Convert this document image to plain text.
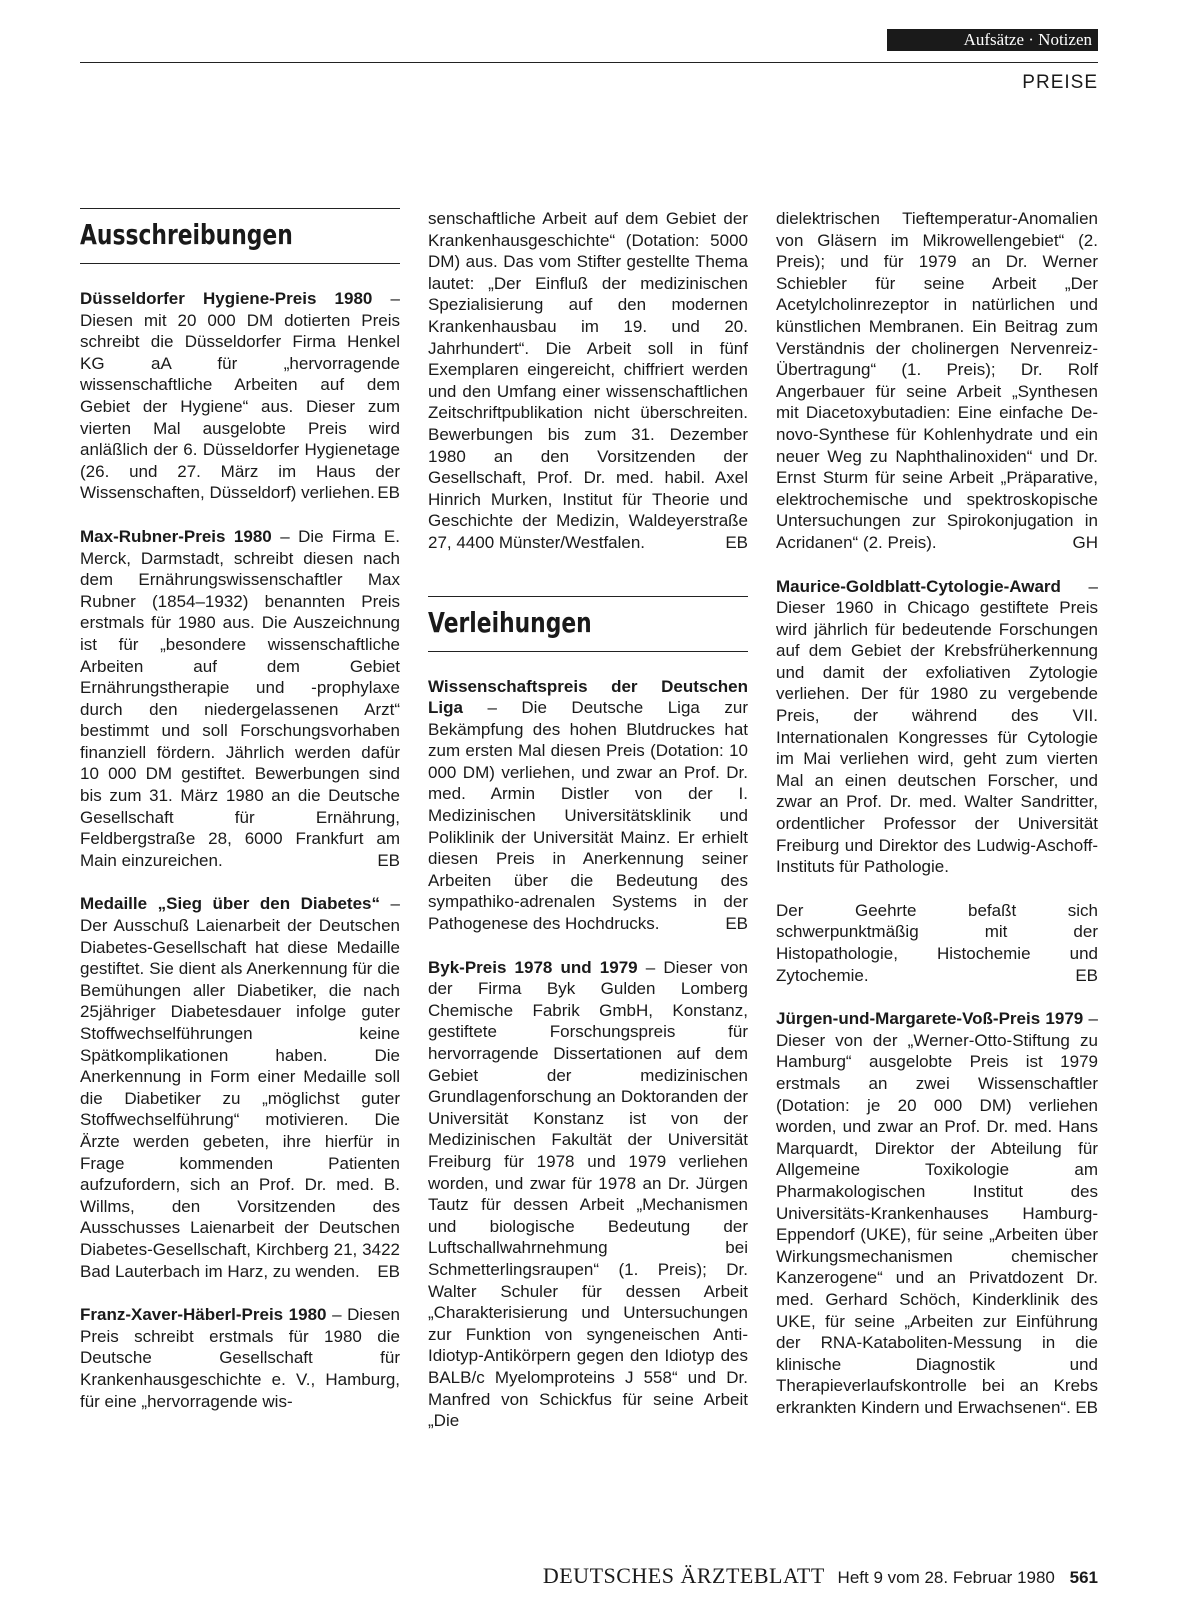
Aufsätze · Notizen
PREISE
Ausschreibungen

Düsseldorfer Hygiene-Preis 1980 – Diesen mit 20 000 DM dotierten Preis schreibt die Düsseldorfer Firma Henkel KG aA für „hervorragende wissenschaftliche Arbeiten auf dem Gebiet der Hygiene“ aus. Dieser zum vierten Mal ausgelobte Preis wird anläßlich der 6. Düsseldorfer Hygienetage (26. und 27. März im Haus der Wissenschaften, Düsseldorf) verliehen. EB

Max-Rubner-Preis 1980 – Die Firma E. Merck, Darmstadt, schreibt diesen nach dem Ernährungswissenschaftler Max Rubner (1854–1932) benannten Preis erstmals für 1980 aus. Die Auszeichnung ist für „besondere wissenschaftliche Arbeiten auf dem Gebiet Ernährungstherapie und -prophylaxe durch den niedergelassenen Arzt“ bestimmt und soll Forschungsvorhaben finanziell fördern. Jährlich werden dafür 10 000 DM gestiftet. Bewerbungen sind bis zum 31. März 1980 an die Deutsche Gesellschaft für Ernährung, Feldbergstraße 28, 6000 Frankfurt am Main einzureichen.	EB

Medaille „Sieg über den Diabetes“ – Der Ausschuß Laienarbeit der Deutschen Diabetes-Gesellschaft hat diese Medaille gestiftet. Sie dient als Anerkennung für die Bemühungen aller Diabetiker, die nach 25jähriger Diabetesdauer infolge guter Stoffwechselführungen keine Spätkomplikationen haben. Die Anerkennung in Form einer Medaille soll die Diabetiker zu „möglichst guter Stoffwechselführung“ motivieren. Die Ärzte werden gebeten, ihre hierfür in Frage kommenden Patienten aufzufordern, sich an Prof. Dr. med. B. Willms, den Vorsitzenden des Ausschusses Laienarbeit der Deutschen Diabetes-Gesellschaft, Kirchberg 21, 3422 Bad Lauterbach im Harz, zu wenden. EB

Franz-Xaver-Häberl-Preis 1980 – Diesen Preis schreibt erstmals für 1980 die Deutsche Gesellschaft für Krankenhausgeschichte e. V., Hamburg, für eine „hervorragende wis-

senschaftliche Arbeit auf dem Gebiet der Krankenhausgeschichte“ (Dotation: 5000 DM) aus. Das vom Stifter gestellte Thema lautet: „Der Einfluß der medizinischen Spezialisierung auf den modernen Krankenhausbau im 19. und 20. Jahrhundert“. Die Arbeit soll in fünf Exemplaren eingereicht, chiffriert werden und den Umfang einer wissenschaftlichen Zeitschriftpublikation nicht überschreiten. Bewerbungen bis zum 31. Dezember 1980 an den Vorsitzenden der Gesellschaft, Prof. Dr. med. habil. Axel Hinrich Murken, Institut für Theorie und Geschichte der Medizin, Waldeyerstraße 27, 4400 Münster/Westfalen.	EB

Verleihungen

Wissenschaftspreis der Deutschen Liga – Die Deutsche Liga zur Bekämpfung des hohen Blutdruckes hat zum ersten Mal diesen Preis (Dotation: 10 000 DM) verliehen, und zwar an Prof. Dr. med. Armin Distler von der I. Medizinischen Universitätsklinik und Poliklinik der Universität Mainz. Er erhielt diesen Preis in Anerkennung seiner Arbeiten über die Bedeutung des sympathiko-adrenalen Systems in der Pathogenese des Hochdrucks.	EB

Byk-Preis 1978 und 1979 – Dieser von der Firma Byk Gulden Lomberg Chemische Fabrik GmbH, Konstanz, gestiftete Forschungspreis für hervorragende Dissertationen auf dem Gebiet der medizinischen Grundlagenforschung an Doktoranden der Universität Konstanz ist von der Medizinischen Fakultät der Universität Freiburg für 1978 und 1979 verliehen worden, und zwar für 1978 an Dr. Jürgen Tautz für dessen Arbeit „Mechanismen und biologische Bedeutung der Luftschallwahrnehmung bei Schmetterlingsraupen“ (1. Preis); Dr. Walter Schuler für dessen Arbeit „Charakterisierung und Untersuchungen zur Funktion von syngeneischen Anti-Idiotyp-Antikörpern gegen den Idiotyp des BALB/c Myelomproteins J 558“ und Dr. Manfred von Schickfus für seine Arbeit „Die

dielektrischen Tieftemperatur-Anomalien von Gläsern im Mikrowellengebiet“ (2. Preis); und für 1979 an Dr. Werner Schiebler für seine Arbeit „Der Acetylcholinrezeptor in natürlichen und künstlichen Membranen. Ein Beitrag zum Verständnis der cholinergen Nervenreiz-Übertragung“ (1. Preis); Dr. Rolf Angerbauer für seine Arbeit „Synthesen mit Diacetoxybutadien: Eine einfache De-novo-Synthese für Kohlenhydrate und ein neuer Weg zu Naphthalinoxiden“ und Dr. Ernst Sturm für seine Arbeit „Präparative, elektrochemische und spektroskopische Untersuchungen zur Spirokonjugation in Acridanen“ (2. Preis).	GH

Maurice-Goldblatt-Cytologie-Award – Dieser 1960 in Chicago gestiftete Preis wird jährlich für bedeutende Forschungen auf dem Gebiet der Krebsfrüherkennung und damit der exfoliativen Zytologie verliehen. Der für 1980 zu vergebende Preis, der während des VII. Internationalen Kongresses für Cytologie im Mai verliehen wird, geht zum vierten Mal an einen deutschen Forscher, und zwar an Prof. Dr. med. Walter Sandritter, ordentlicher Professor der Universität Freiburg und Direktor des Ludwig-Aschoff-Instituts für Pathologie.

Der Geehrte befaßt sich schwerpunktmäßig mit der Histopathologie, Histochemie und Zytochemie.	EB

Jürgen-und-Margarete-Voß-Preis 1979 – Dieser von der „Werner-Otto-Stiftung zu Hamburg“ ausgelobte Preis ist 1979 erstmals an zwei Wissenschaftler (Dotation: je 20 000 DM) verliehen worden, und zwar an Prof. Dr. med. Hans Marquardt, Direktor der Abteilung für Allgemeine Toxikologie am Pharmakologischen Institut des Universitäts-Krankenhauses Hamburg-Eppendorf (UKE), für seine „Arbeiten über Wirkungsmechanismen chemischer Kanzerogene“ und an Privatdozent Dr. med. Gerhard Schöch, Kinderklinik des UKE, für seine „Arbeiten zur Einführung der RNA-Kataboliten-Messung in die klinische Diagnostik und Therapieverlaufskontrolle bei an Krebs erkrankten Kindern und Erwachsenen“. EB

DEUTSCHES ÄRZTEBLATT Heft 9 vom 28. Februar 1980 561
